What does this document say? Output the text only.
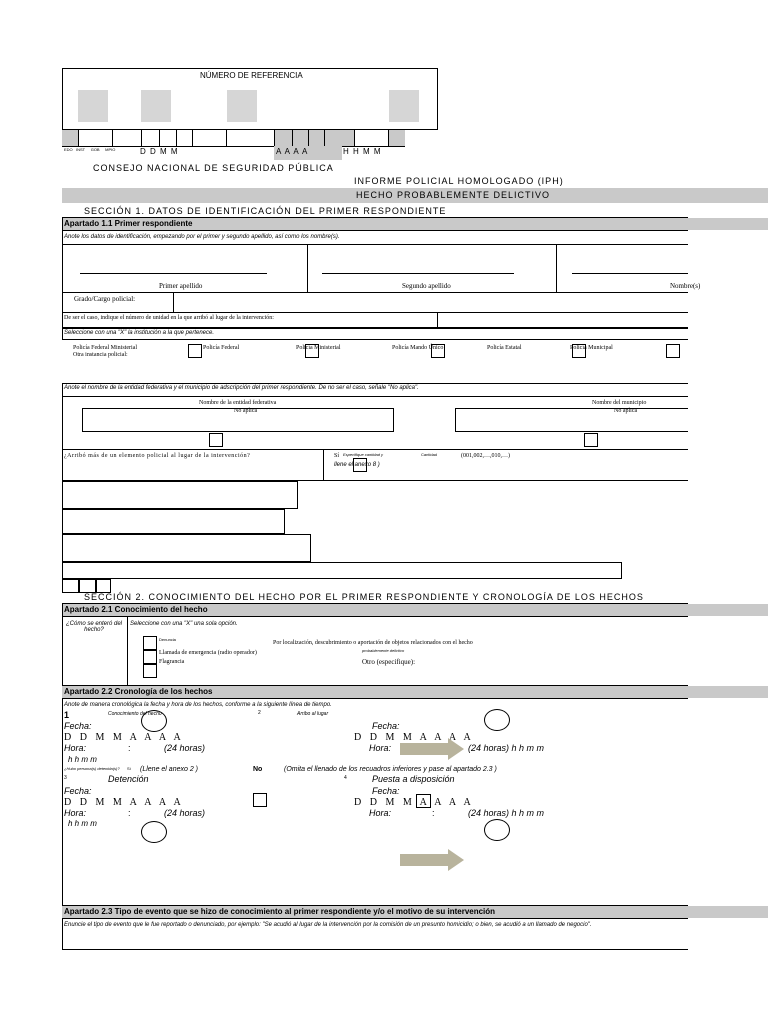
NÚMERO DE REFERENCIA
EDO INST GOB MPIO	D D M M	A A A A	H H M M
CONSEJO NACIONAL DE SEGURIDAD PÚBLICA
INFORME POLICIAL HOMOLOGADO (IPH)
HECHO PROBABLEMENTE DELICTIVO
SECCIÓN 1. DATOS DE IDENTIFICACIÓN DEL PRIMER RESPONDIENTE
Apartado 1.1 Primer respondiente
Anote los datos de identificación, empezando por el primer y segundo apellido, así como los nombre(s).
Primer apellido	Segundo apellido	Nombre(s)
Grado/Cargo policial:
De ser el caso, indique el número de unidad en la que arribó al lugar de la intervención:
Seleccione con una "X" la institución a la que pertenece.
Policía Federal Ministerial
Otra instancia policial:
Policía Federal	Policía Ministerial	Policía Mando Único	Policía Estatal	Policía Municipal
Anote el nombre de la entidad federativa y el municipio de adscripción del primer respondiente. De no ser el caso, señale "No aplica".
Nombre de la entidad federativa
No aplica
Nombre del municipio
No aplica
¿Arribó más de un elemento policial al lugar de la intervención?	Sí Especifique cantidad y	Cantidad	(001,002,…,010,…)
llene el anexo 8 )
SECCIÓN 2. CONOCIMIENTO DEL HECHO POR EL PRIMER RESPONDIENTE Y CRONOLOGÍA DE LOS HECHOS
Apartado 2.1 Conocimiento del hecho
¿Cómo se enteró del hecho?
Seleccione con una "X" una sola opción.
Denuncia
Por localización, descubrimiento o aportación de objetos relacionados con el hecho
probablemente delictivo
Llamada de emergencia (radio operador)
Flagrancia	Otro (especifique):
Apartado 2.2 Cronología de los hechos
Anote de manera cronológica la fecha y hora de los hechos, conforme a la siguiente línea de tiempo.
1	Conocimiento del hecho
Fecha:
D D M M A A A A
Hora:	:	(24 horas)
h h m m
2	Arribo al lugar
Fecha:
D D M M A A A A
Hora:	(24 horas) h h m m
¿Hubo persona(s) detenida(s)? Sí (Llene el anexo 2 )	No	(Omita el llenado de los recuadros inferiores y pase al apartado 2.3 )
3	Detención
Fecha:
D D M M A A A A
Hora:	:	(24 horas)
h h m m
4	Puesta a disposición
Fecha:
D D M M A A A A
Hora:	:	(24 horas) h h m m
Apartado 2.3 Tipo de evento que se hizo de conocimiento al primer respondiente y/o el motivo de su intervención
Enuncie el tipo de evento que le fue reportado o denunciado, por ejemplo: "Se acudió al lugar de la intervención por la comisión de un presunto homicidio; o bien, se acudió a un llamado de negocio".
